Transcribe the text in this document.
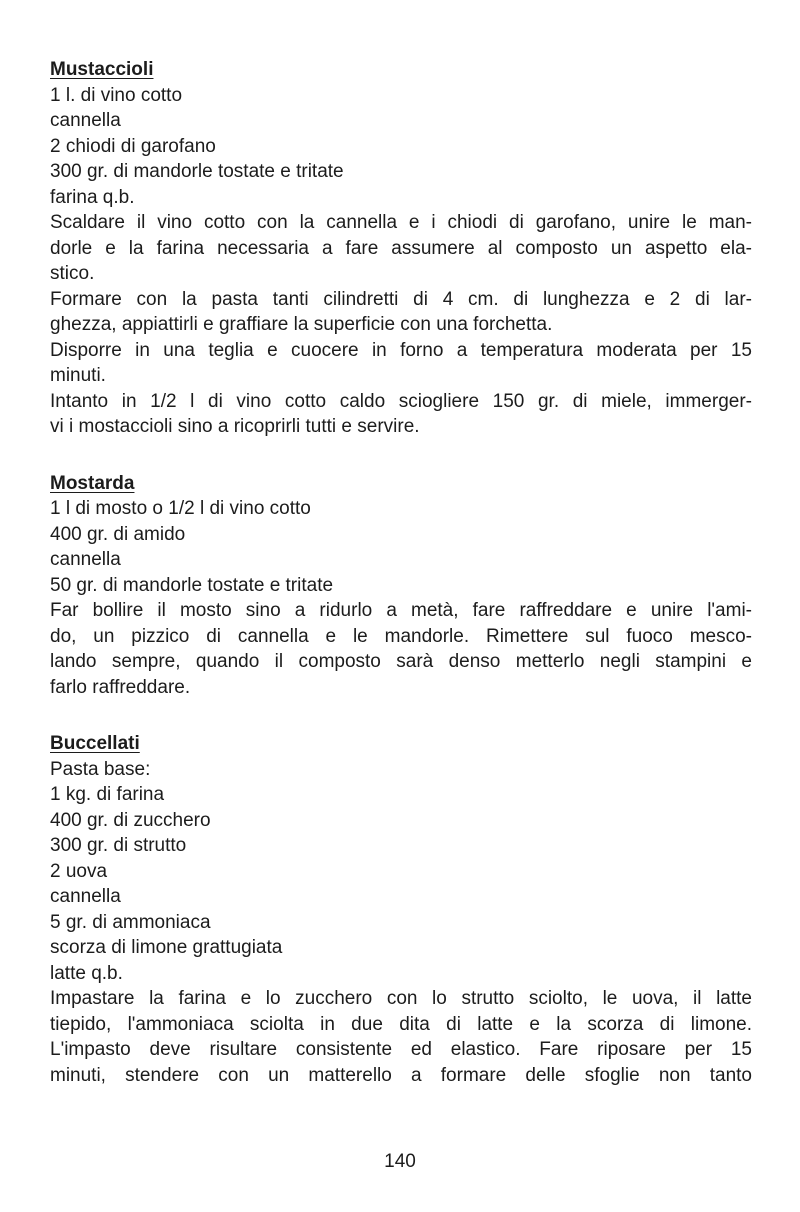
Mustaccioli
1 l. di vino cotto
cannella
2 chiodi di garofano
300 gr. di mandorle tostate e tritate
farina q.b.

Scaldare il vino cotto con la cannella e i chiodi di garofano, unire le man-
dorle e la farina necessaria a fare assumere al composto un aspetto ela-
stico.

Formare con la pasta tanti cilindretti di 4 cm. di lunghezza e 2 di lar-
ghezza, appiattirli e graffiare la superficie con una forchetta.

Disporre in una teglia e cuocere in forno a temperatura moderata per 15
minuti.

Intanto in 1/2 l di vino cotto caldo sciogliere 150 gr. di miele, immerger-
vi i mostaccioli sino a ricoprirli tutti e servire.

Mostarda
1 l di mosto o 1/2 l di vino cotto
400 gr. di amido
cannella
50 gr. di mandorle tostate e tritate

Far bollire il mosto sino a ridurlo a metà, fare raffreddare e unire l'ami-
do, un pizzico di cannella e le mandorle. Rimettere sul fuoco mesco-
lando sempre, quando il composto sarà denso metterlo negli stampini e
farlo raffreddare.

Buccellati
Pasta base:
1 kg. di farina
400 gr. di zucchero
300 gr. di strutto
2 uova
cannella
5 gr. di ammoniaca
scorza di limone grattugiata
latte q.b.

Impastare la farina e lo zucchero con lo strutto sciolto, le uova, il latte
tiepido, l'ammoniaca sciolta in due dita di latte e la scorza di limone.
L'impasto deve risultare consistente ed elastico. Fare riposare per 15
minuti, stendere con un matterello a formare delle sfoglie non tanto

140
